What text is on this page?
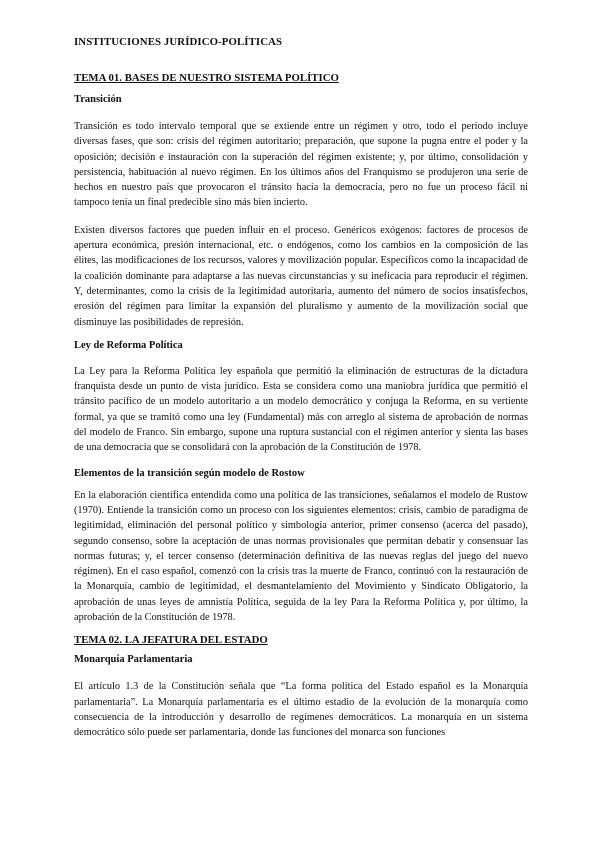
INSTITUCIONES JURÍDICO-POLÍTICAS
TEMA 01. BASES DE NUESTRO SISTEMA POLÍTICO
Transición

Transición es todo intervalo temporal que se extiende entre un régimen y otro, todo el periodo incluye diversas fases, que son: crisis del régimen autoritario; preparación, que supone la pugna entre el poder y la oposición; decisión e instauración con la superación del régimen existente; y, por último, consolidación y persistencia, habituación al nuevo régimen. En los últimos años del Franquismo se produjeron una serie de hechos en nuestro país que provocaron el tránsito hacia la democracia, pero no fue un proceso fácil ni tampoco tenía un final predecible sino más bien incierto.

Existen diversos factores que pueden influir en el proceso. Genéricos exógenos: factores de procesos de apertura económica, presión internacional, etc. o endógenos, como los cambios en la composición de las élites, las modificaciones de los recursos, valores y movilización popular. Específicos como la incapacidad de la coalición dominante para adaptarse a las nuevas circunstancias y su ineficacia para reproducir el régimen. Y, determinantes, como la crisis de la legitimidad autoritaria, aumento del número de socios insatisfechos, erosión del régimen para limitar la expansión del pluralismo y aumento de la movilización social que disminuye las posibilidades de represión.

Ley de Reforma Política

La Ley para la Reforma Política ley española que permitió la eliminación de estructuras de la dictadura franquista desde un punto de vista jurídico. Esta se considera como una maniobra jurídica que permitió el tránsito pacífico de un modelo autoritario a un modelo democrático y conjuga la Reforma, en su vertiente formal, ya que se tramitó como una ley (Fundamental) más con arreglo al sistema de aprobación de normas del modelo de Franco. Sin embargo, supone una ruptura sustancial con el régimen anterior y sienta las bases de una democracia que se consolidará con la aprobación de la Constitución de 1978.

Elementos de la transición según modelo de Rostow

En la elaboración científica entendida como una política de las transiciones, señalamos el modelo de Rustow (1970). Entiende la transición como un proceso con los siguientes elementos: crisis, cambio de paradigma de legitimidad, eliminación del personal político y simbología anterior, primer consenso (acerca del pasado), segundo consenso, sobre la aceptación de unas normas provisionales que permitan debatir y consensuar las normas futuras; y, el tercer consenso (determinación definitiva de las nuevas reglas del juego del nuevo régimen). En el caso español, comenzó con la crisis tras la muerte de Franco, continuó con la restauración de la Monarquía, cambio de legitimidad, el desmantelamiento del Movimiento y Sindicato Obligatorio, la aprobación de unas leyes de amnistía Política, seguida de la ley Para la Reforma Política y, por último, la aprobación de la Constitución de 1978.

TEMA 02. LA JEFATURA DEL ESTADO
Monarquía Parlamentaria

El artículo 1.3 de la Constitución señala que “La forma política del Estado español es la Monarquía parlamentaria”. La Monarquía parlamentaria es el último estadio de la evolución de la monarquía como consecuencia de la introducción y desarrollo de regímenes democráticos. La monarquía en un sistema democrático sólo puede ser parlamentaria, donde las funciones del monarca son funciones
